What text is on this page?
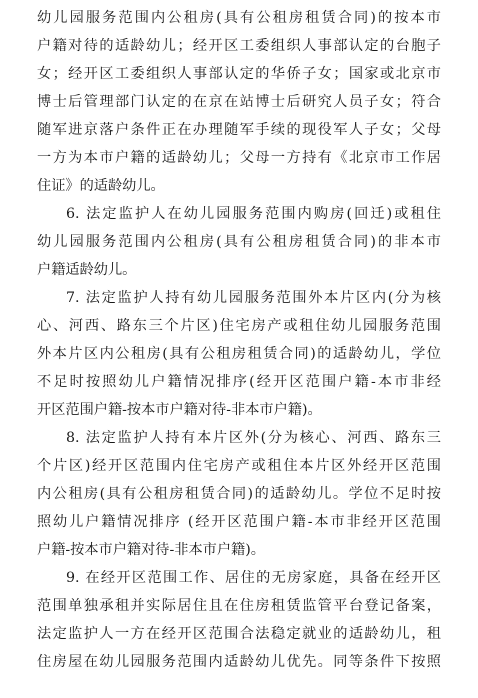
幼儿园服务范围内公租房(具有公租房租赁合同)的按本市
户籍对待的适龄幼儿；经开区工委组织人事部认定的台胞子
女；经开区工委组织人事部认定的华侨子女；国家或北京市
博士后管理部门认定的在京在站博士后研究人员子女；符合
随军进京落户条件正在办理随军手续的现役军人子女；父母
一方为本市户籍的适龄幼儿；父母一方持有《北京市工作居
住证》的适龄幼儿。
6. 法定监护人在幼儿园服务范围内购房(回迁)或租住
幼儿园服务范围内公租房(具有公租房租赁合同)的非本市
户籍适龄幼儿。
7. 法定监护人持有幼儿园服务范围外本片区内(分为核
心、河西、路东三个片区)住宅房产或租住幼儿园服务范围
外本片区内公租房(具有公租房租赁合同)的适龄幼儿，学位
不足时按照幼儿户籍情况排序(经开区范围户籍-本市非经
开区范围户籍-按本市户籍对待-非本市户籍)。
8. 法定监护人持有本片区外(分为核心、河西、路东三
个片区)经开区范围内住宅房产或租住本片区外经开区范围
内公租房(具有公租房租赁合同)的适龄幼儿。学位不足时按
照幼儿户籍情况排序 (经开区范围户籍-本市非经开区范围
户籍-按本市户籍对待-非本市户籍)。
9. 在经开区范围工作、居住的无房家庭，具备在经开区
范围单独承租并实际居住且在住房租赁监管平台登记备案，
法定监护人一方在经开区范围合法稳定就业的适龄幼儿，租
住房屋在幼儿园服务范围内适龄幼儿优先。同等条件下按照
